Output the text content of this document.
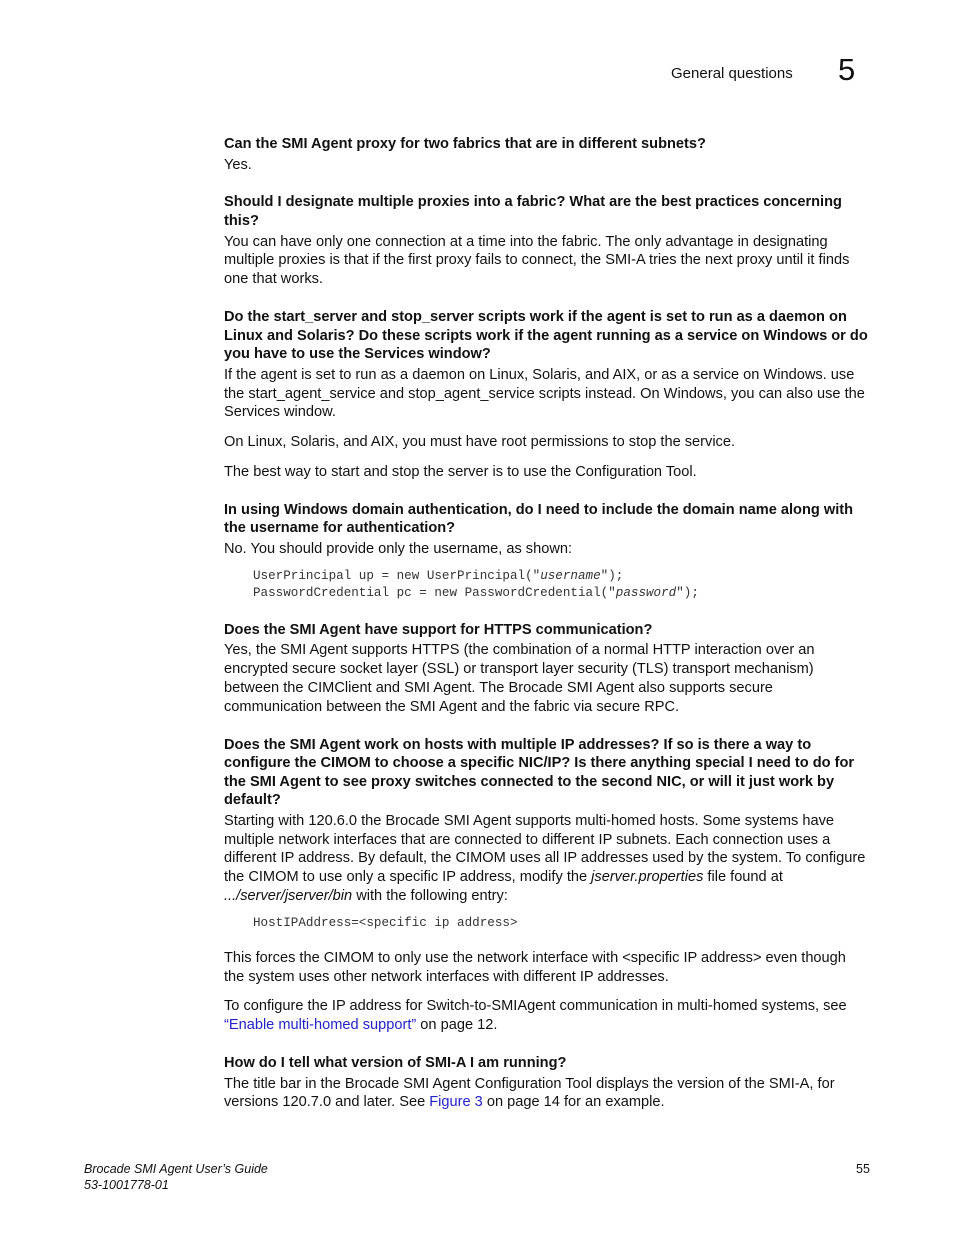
General questions 5

Can the SMI Agent proxy for two fabrics that are in different subnets?

Yes.

Should I designate multiple proxies into a fabric? What are the best practices concerning this?

You can have only one connection at a time into the fabric. The only advantage in designating multiple proxies is that if the first proxy fails to connect, the SMI-A tries the next proxy until it finds one that works.

Do the start_server and stop_server scripts work if the agent is set to run as a daemon on Linux and Solaris? Do these scripts work if the agent running as a service on Windows or do you have to use the Services window?

If the agent is set to run as a daemon on Linux, Solaris, and AIX, or as a service on Windows. use the start_agent_service and stop_agent_service scripts instead. On Windows, you can also use the Services window.

On Linux, Solaris, and AIX, you must have root permissions to stop the service.

The best way to start and stop the server is to use the Configuration Tool.

In using Windows domain authentication, do I need to include the domain name along with the username for authentication?

No. You should provide only the username, as shown:

UserPrincipal up = new UserPrincipal("username");
PasswordCredential pc = new PasswordCredential("password");

Does the SMI Agent have support for HTTPS communication?

Yes, the SMI Agent supports HTTPS (the combination of a normal HTTP interaction over an encrypted secure socket layer (SSL) or transport layer security (TLS) transport mechanism) between the CIMClient and SMI Agent. The Brocade SMI Agent also supports secure communication between the SMI Agent and the fabric via secure RPC.

Does the SMI Agent work on hosts with multiple IP addresses? If so is there a way to configure the CIMOM to choose a specific NIC/IP? Is there anything special I need to do for the SMI Agent to see proxy switches connected to the second NIC, or will it just work by default?

Starting with 120.6.0 the Brocade SMI Agent supports multi-homed hosts. Some systems have multiple network interfaces that are connected to different IP subnets. Each connection uses a different IP address. By default, the CIMOM uses all IP addresses used by the system. To configure the CIMOM to use only a specific IP address, modify the jserver.properties file found at .../server/jserver/bin with the following entry:

HostIPAddress=<specific ip address>

This forces the CIMOM to only use the network interface with <specific IP address> even though the system uses other network interfaces with different IP addresses.

To configure the IP address for Switch-to-SMIAgent communication in multi-homed systems, see “Enable multi-homed support” on page 12.

How do I tell what version of SMI-A I am running?

The title bar in the Brocade SMI Agent Configuration Tool displays the version of the SMI-A, for versions 120.7.0 and later. See Figure 3 on page 14 for an example.

Brocade SMI Agent User’s Guide
53-1001778-01
55
